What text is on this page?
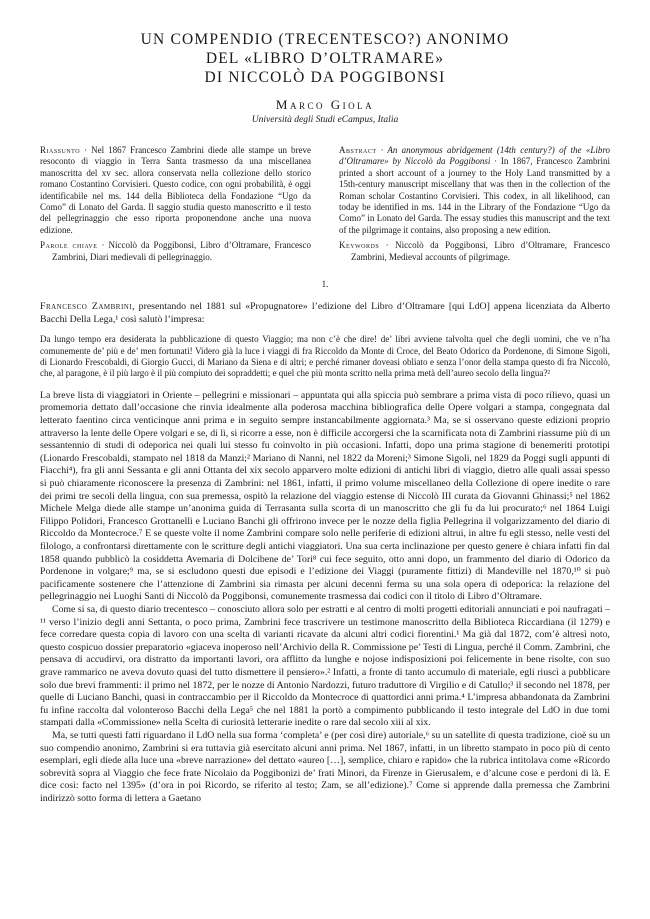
UN COMPENDIO (TRECENTESCO?) ANONIMO
DEL «LIBRO D’OLTRAMARE»
DI NICCOLÒ DA POGGIBONSI
Marco Giola
Università degli Studi eCampus, Italia
Riassunto · Nel 1867 Francesco Zambrini diede alle stampe un breve resoconto di viaggio in Terra Santa trasmesso da una miscellanea manoscritta del xv sec. allora conservata nella collezione dello storico romano Costantino Corvisieri. Questo codice, con ogni probabilità, è oggi identificabile nel ms. 144 della Biblioteca della Fondazione “Ugo da Como” di Lonato del Garda. Il saggio studia questo manoscritto e il testo del pellegrinaggio che esso riporta proponendone anche una nuova edizione.
Parole chiave · Niccolò da Poggibonsi, Libro d’Oltramare, Francesco Zambrini, Diari medievali di pellegrinaggio.
Abstract · An anonymous abridgement (14th century?) of the «Libro d’Oltramare» by Niccolò da Poggibonsi · In 1867, Francesco Zambrini printed a short account of a journey to the Holy Land transmitted by a 15th-century manuscript miscellany that was then in the collection of the Roman scholar Costantino Corvisieri. This codex, in all likelihood, can today be identified in ms. 144 in the Library of the Fondazione “Ugo da Como” in Lonato del Garda. The essay studies this manuscript and the text of the pilgrimage it contains, also proposing a new edition.
Keywords · Niccolò da Poggibonsi, Libro d’Oltramare, Francesco Zambrini, Medieval accounts of pilgrimage.
1.

Francesco Zambrini, presentando nel 1881 sul «Propugnatore» l’edizione del Libro d’Oltramare [qui LdO] appena licenziata da Alberto Bacchi Della Lega,¹ così salutò l’impresa:

Da lungo tempo era desiderata la pubblicazione di questo Viaggio; ma non c’è che dire! de’ libri avviene talvolta quel che degli uomini, che ve n’ha comunemente de’ più e de’ men fortunati! Videro già la luce i viaggi di fra Riccoldo da Monte di Croce, del Beato Odorico da Pordenone, di Simone Sigoli, di Lionardo Frescobaldi, di Giorgio Gucci, di Mariano da Siena e di altri; e perché rimaner doveasi obliato e senza l’onor della stampa questo di fra Niccolò, che, al paragone, è il più largo è il più compiuto dei sopraddetti; e quel che più monta scritto nella prima metà dell’aureo secolo della lingua?²

La breve lista di viaggiatori in Oriente – pellegrini e missionari – appuntata qui alla spiccia può sembrare a prima vista di poco rilievo, quasi un promemoria dettato dall’occasione che rinvia idealmente alla poderosa macchina bibliografica delle Opere volgari a stampa, congegnata dal letterato faentino circa venticinque anni prima e in seguito sempre instancabilmente aggiornata.³ Ma, se si osservano queste edizioni proprio attraverso la lente delle Opere volgari e se, di lì, si ricorre a esse, non è difficile accorgersi che la scarnificata nota di Zambrini riassume più di un sessantennio di studi di odeporica nei quali lui stesso fu coinvolto in più occasioni. Infatti, dopo una prima stagione di benemeriti prototipi (Lionardo Frescobaldi, stampato nel 1818 da Manzi;² Mariano di Nanni, nel 1822 da Moreni;³ Simone Sigoli, nel 1829 da Poggi sugli appunti di Fiacchi⁴), fra gli anni Sessanta e gli anni Ottanta del xix secolo apparvero molte edizioni di antichi libri di viaggio, dietro alle quali assai spesso si può chiaramente riconoscere la presenza di Zambrini: nel 1861, infatti, il primo volume miscellaneo della Collezione di opere inedite o rare dei primi tre secoli della lingua, con sua premessa, ospitò la relazione del viaggio estense di Niccolò III curata da Giovanni Ghinassi;⁵ nel 1862 Michele Melga diede alle stampe un’anonima guida di Terrasanta sulla scorta di un manoscritto che gli fu da lui procurato;⁶ nel 1864 Luigi Filippo Polidori, Francesco Grottanelli e Luciano Banchi gli offrirono invece per le nozze della figlia Pellegrina il volgarizzamento del diario di Riccoldo da Montecroce.⁷ E se queste volte il nome Zambrini compare solo nelle periferie di edizioni altrui, in altre fu egli stesso, nelle vesti del filologo, a confrontarsi direttamente con le scritture degli antichi viaggiatori. Una sua certa inclinazione per questo genere è chiara infatti fin dal 1858 quando pubblicò la cosiddetta Avemaria di Dolcibene de’ Tori⁸ cui fece seguito, otto anni dopo, un frammento del diario di Odorico da Pordenone in volgare;⁹ ma, se si escludono questi due episodi e l’edizione dei Viaggi (puramente fittizi) di Mandeville nel 1870,¹⁰ si può pacificamente sostenere che l’attenzione di Zambrini sia rimasta per alcuni decenni ferma su una sola opera di odeporica: la relazione del pellegrinaggio nei Luoghi Santi di Niccolò da Poggibonsi, comunemente trasmessa dai codici con il titolo di Libro d’Oltramare.

Come si sa, di questo diario trecentesco – conosciuto allora solo per estratti e al centro di molti progetti editoriali annunciati e poi naufragati –¹¹ verso l’inizio degli anni Settanta, o poco prima, Zambrini fece trascrivere un testimone manoscritto della Biblioteca Riccardiana (il 1279) e fece corredare questa copia di lavoro con una scelta di varianti ricavate da alcuni altri codici fiorentini.¹ Ma già dal 1872, com’è altresì noto, questo cospicuo dossier preparatorio «giaceva inoperoso nell’Archivio della R. Commissione pe’ Testi di Lingua, perché il Comm. Zambrini, che pensava di accudirvi, ora distratto da importanti lavori, ora afflitto da lunghe e nojose indisposizioni poi felicemente in bene risolte, con suo grave rammarico ne aveva dovuto quasi del tutto dismettere il pensiero».² Infatti, a fronte di tanto accumulo di materiale, egli riuscì a pubblicare solo due brevi frammenti: il primo nel 1872, per le nozze di Antonio Nardozzi, futuro traduttore di Virgilio e di Catullo;³ il secondo nel 1878, per quelle di Luciano Banchi, quasi in contraccambio per il Riccoldo da Montecroce di quattordici anni prima.⁴ L’impresa abbandonata da Zambrini fu infine raccolta dal volonteroso Bacchi della Lega⁵ che nel 1881 la portò a compimento pubblicando il testo integrale del LdO in due tomi stampati dalla «Commissione» nella Scelta di curiosità letterarie inedite o rare dal secolo xiii al xix.

Ma, se tutti questi fatti riguardano il LdO nella sua forma ‘completa’ e (per così dire) autoriale,⁶ su un satellite di questa tradizione, cioè su un suo compendio anonimo, Zambrini si era tuttavia già esercitato alcuni anni prima. Nel 1867, infatti, in un libretto stampato in poco più di cento esemplari, egli diede alla luce una «breve narrazione» del dettato «aureo […], semplice, chiaro e rapido» che la rubrica intitolava come «Ricordo sobrevità sopra al Viaggio che fece frate Nicolaio da Poggibonizi de’ frati Minori, da Firenze in Gierusalem, e d’alcune cose e perdoni di là. E dice così: facto nel 1395» (d’ora in poi Ricordo, se riferito al testo; Zam, se all’edizione).⁷ Come si apprende dalla premessa che Zambrini indirizzò sotto forma di lettera a Gaetano
